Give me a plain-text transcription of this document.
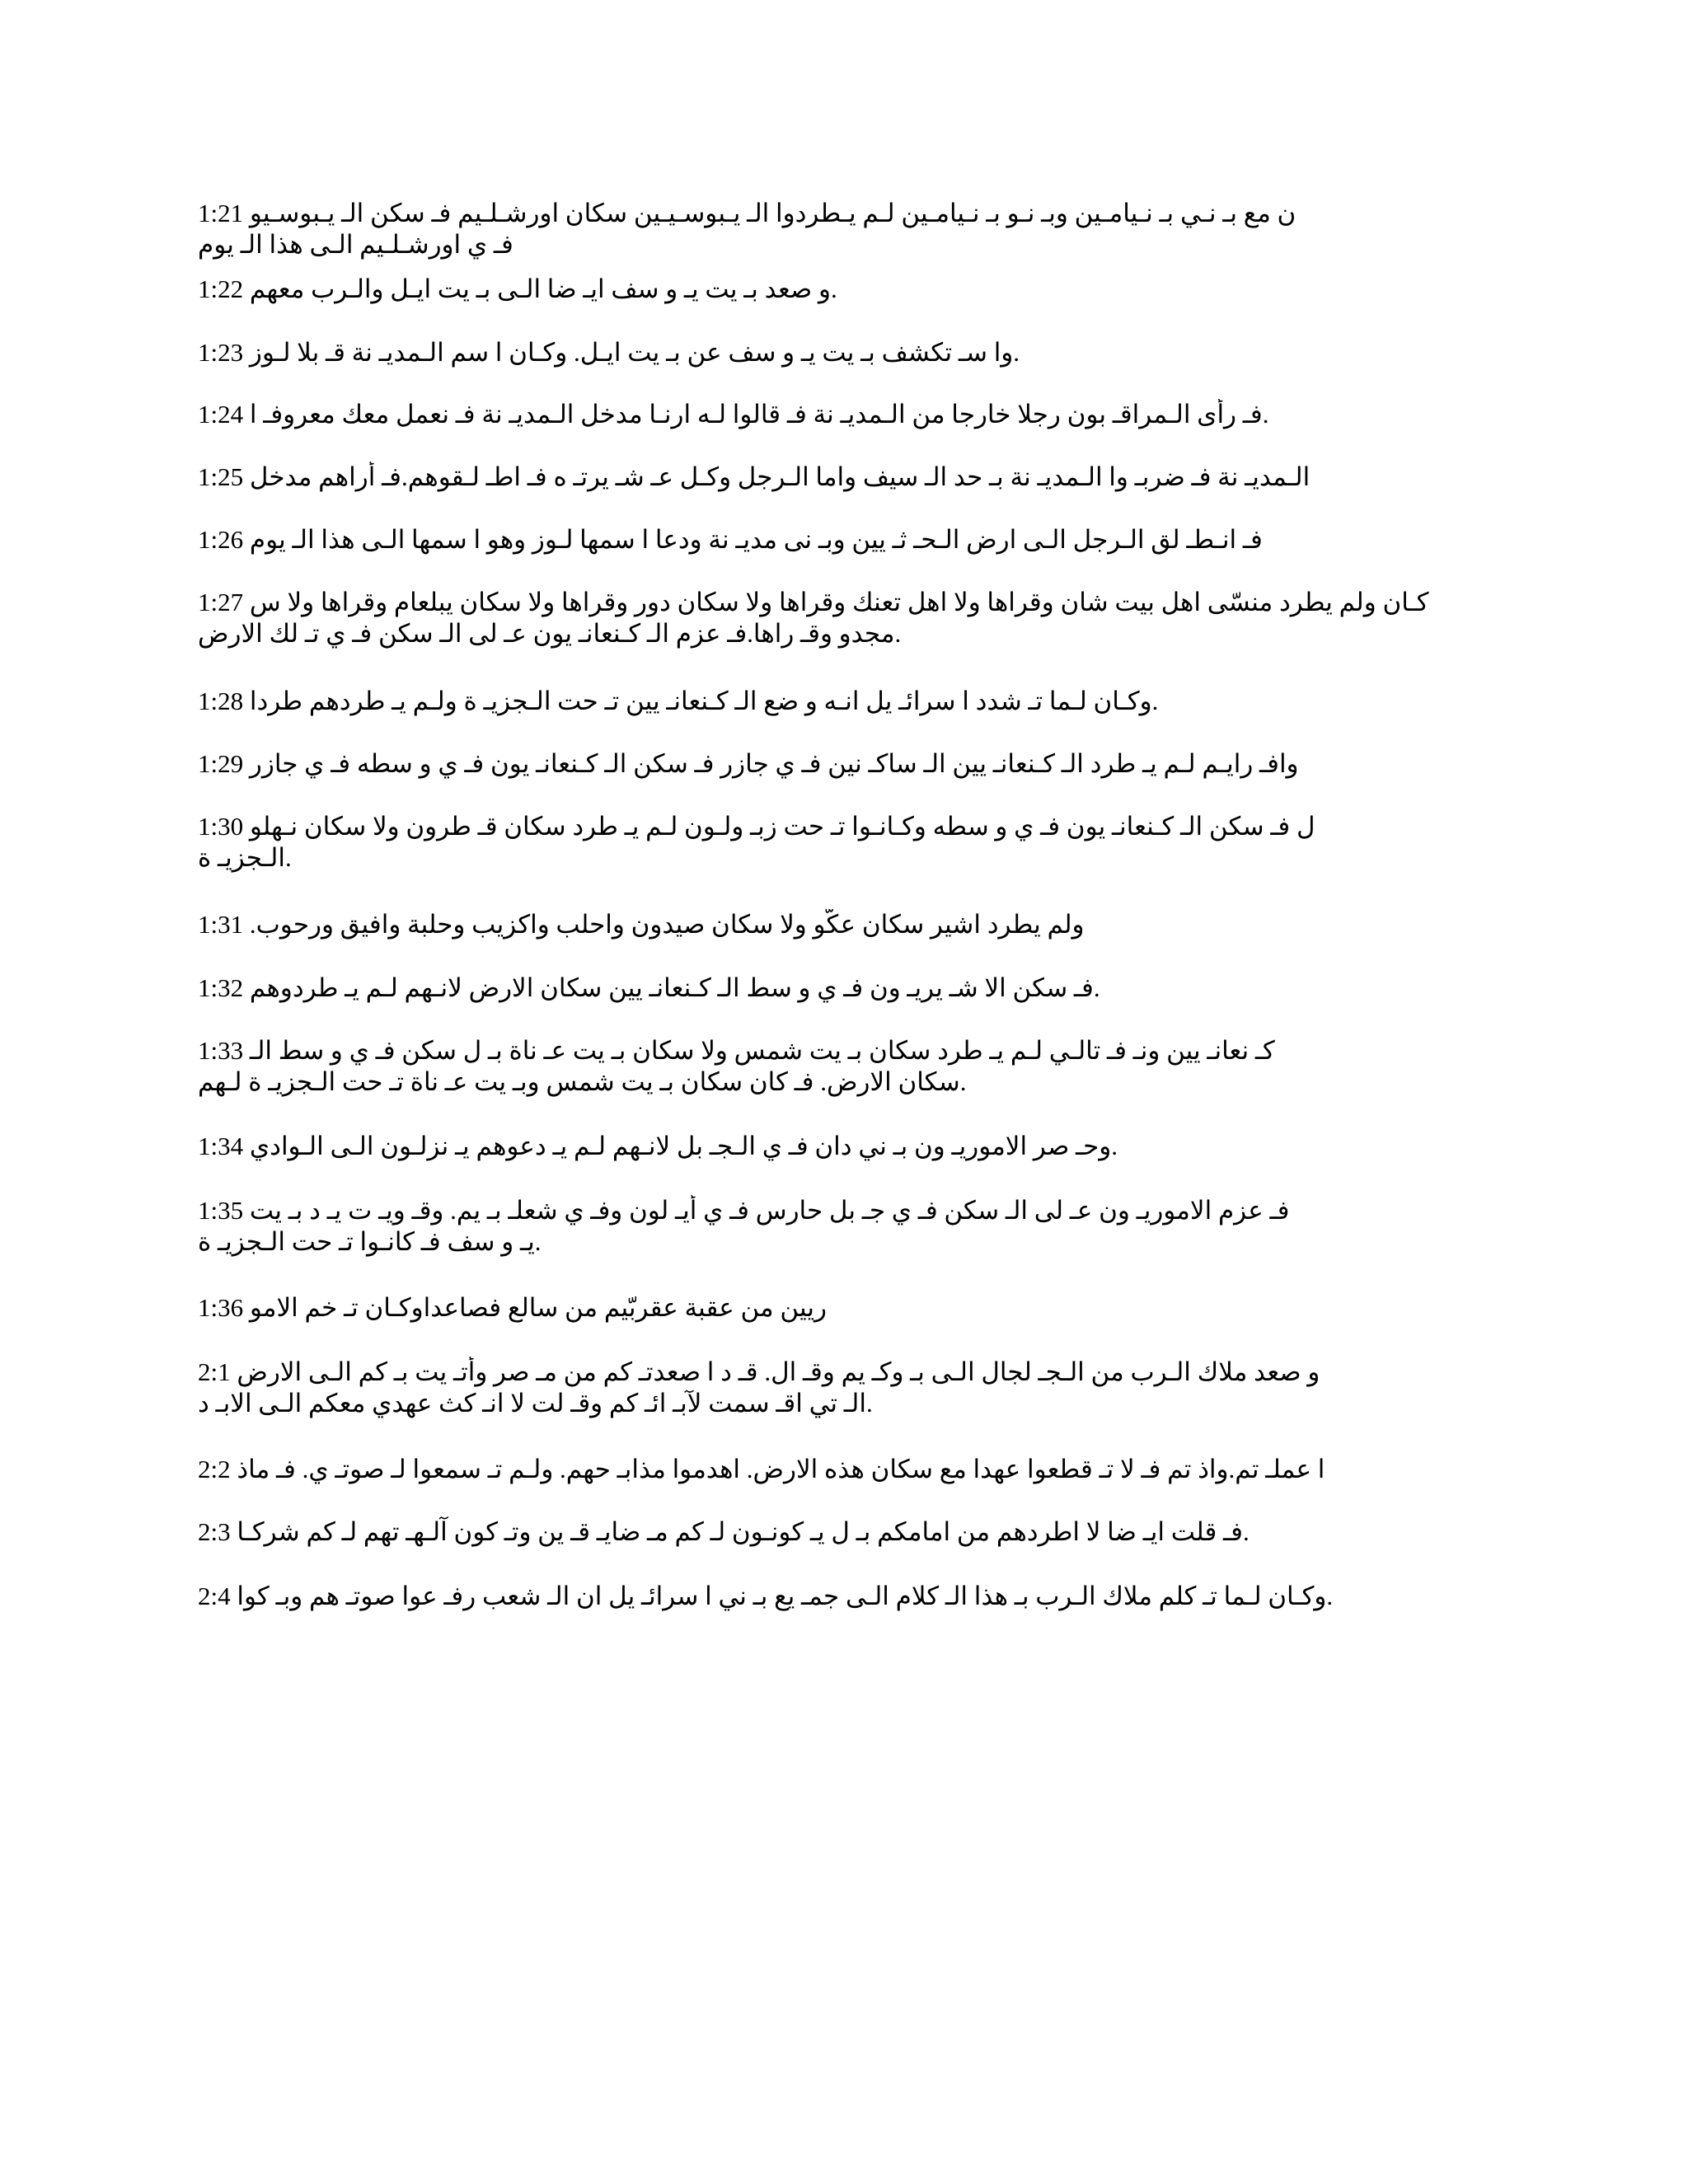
1:21 ن مع بـ نـي بـ نـيامـين وبـ نـو بـ نـيامـين لـم يـطردوا الـ يـبوسـيـين سكان اورشـلـيم فـ سكن الـ يـبوسـيو
فـ ي اورشـلـيم الـى هذا الـ يوم
1:22 و صعد بـ يت يـ و سف ايـ ضا الـى بـ يت ايـل والـرب معهم.
1:23 وا سـ تكشف بـ يت يـ و سف عن بـ يت ايـل. وكـان ا سم الـمديـ نة قـ بلا لـوز.
1:24 فـ رأى الـمراقـ بون رجلا خارجا من الـمديـ نة فـ قالوا لـه ارنـا مدخل الـمديـ نة فـ نعمل معك معروفـ ا.
1:25 الـمديـ نة فـ ضربـ وا الـمديـ نة بـ حد الـ سيف واما الـرجل وكـل عـ شـ يرتـ ه فـ اطـ لـقوهم.فـ أراهم مدخل
1:26 فـ انـطـ لق الـرجل الـى ارض الـحـ ثـ يين وبـ نى مديـ نة ودعا ا سمها لـوز وهو ا سمها الـى هذا الـ يوم
1:27 كـان ولم يطرد منسّى اهل بيت شان وقراها ولا اهل تعنك وقراها ولا سكان دور وقراها ولا سكان يبلعام وقراها ولا س
مجدو وقـ راها.فـ عزم الـ كـنعانـ يون عـ لى الـ سكن فـ ي تـ لك الارض.
1:28 وكـان لـما تـ شدد ا سرائـ يل انـه و ضع الـ كـنعانـ يين تـ حت الـجزيـ ة ولـم يـ طردهم طردا.
1:29 وافـ رايـم لـم يـ طرد الـ كـنعانـ يين الـ ساكـ نين فـ ي جازر فـ سكن الـ كـنعانـ يون فـ ي و سطه فـ ي جازر
1:30 ل فـ سكن الـ كـنعانـ يون فـ ي و سطه وكـانـوا تـ حت زبـ ولـون لـم يـ طرد سكان قـ طرون ولا سكان نـهلو
الـجزيـ ة.
1:31 .ولم يطرد اشير سكان عكّو ولا سكان صيدون واحلب واكزيب وحلبة وافيق ورحوب
1:32 فـ سكن الا شـ يريـ ون فـ ي و سط الـ كـنعانـ يين سكان الارض لانـهم لـم يـ طردوهم.
1:33 كـ نعانـ يين ونـ فـ تالـي لـم يـ طرد سكان بـ يت شمس ولا سكان بـ يت عـ ناة بـ ل سكن فـ ي و سط الـ
سكان الارض. فـ كان سكان بـ يت شمس وبـ يت عـ ناة تـ حت الـجزيـ ة لـهم.
1:34 وحـ صر الاموريـ ون بـ ني دان فـ ي الـجـ بل لانـهم لـم يـ دعوهم يـ نزلـون الـى الـوادي.
1:35 فـ عزم الاموريـ ون عـ لى الـ سكن فـ ي جـ بل حارس فـ ي أيـ لون وفـ ي شعلـ بـ يم. وقـ ويـ ت يـ د بـ يت
يـ و سف فـ كانـوا تـ حت الـجزيـ ة.
1:36 ريين من عقبة عقربّيم من سالع فصاعداوكـان تـ خم الامو
2:1 و صعد ملاك الـرب من الـجـ لجال الـى بـ وكـ يم وقـ ال. قـ د ا صعدتـ كم من مـ صر وأتـ يت بـ كم الـى الارض
الـ تي اقـ سمت لآبـ ائـ كم وقـ لت لا انـ كث عهدي معكم الـى الابـ د.
2:2 ا عملـ تم.واذ تم فـ لا تـ قطعوا عهدا مع سكان هذه الارض. اهدموا مذابـ حهم. ولـم تـ سمعوا لـ صوتـ ي. فـ ماذ
2:3 فـ قلت ايـ ضا لا اطردهم من امامكم بـ ل يـ كونـون لـ كم مـ ضايـ قـ ين وتـ كون آلـهـ تهم لـ كم شركـا.
2:4 وكـان لـما تـ كلم ملاك الـرب بـ هذا الـ كلام الـى جمـ يع بـ ني ا سرائـ يل ان الـ شعب رفـ عوا صوتـ هم وبـ كوا.
